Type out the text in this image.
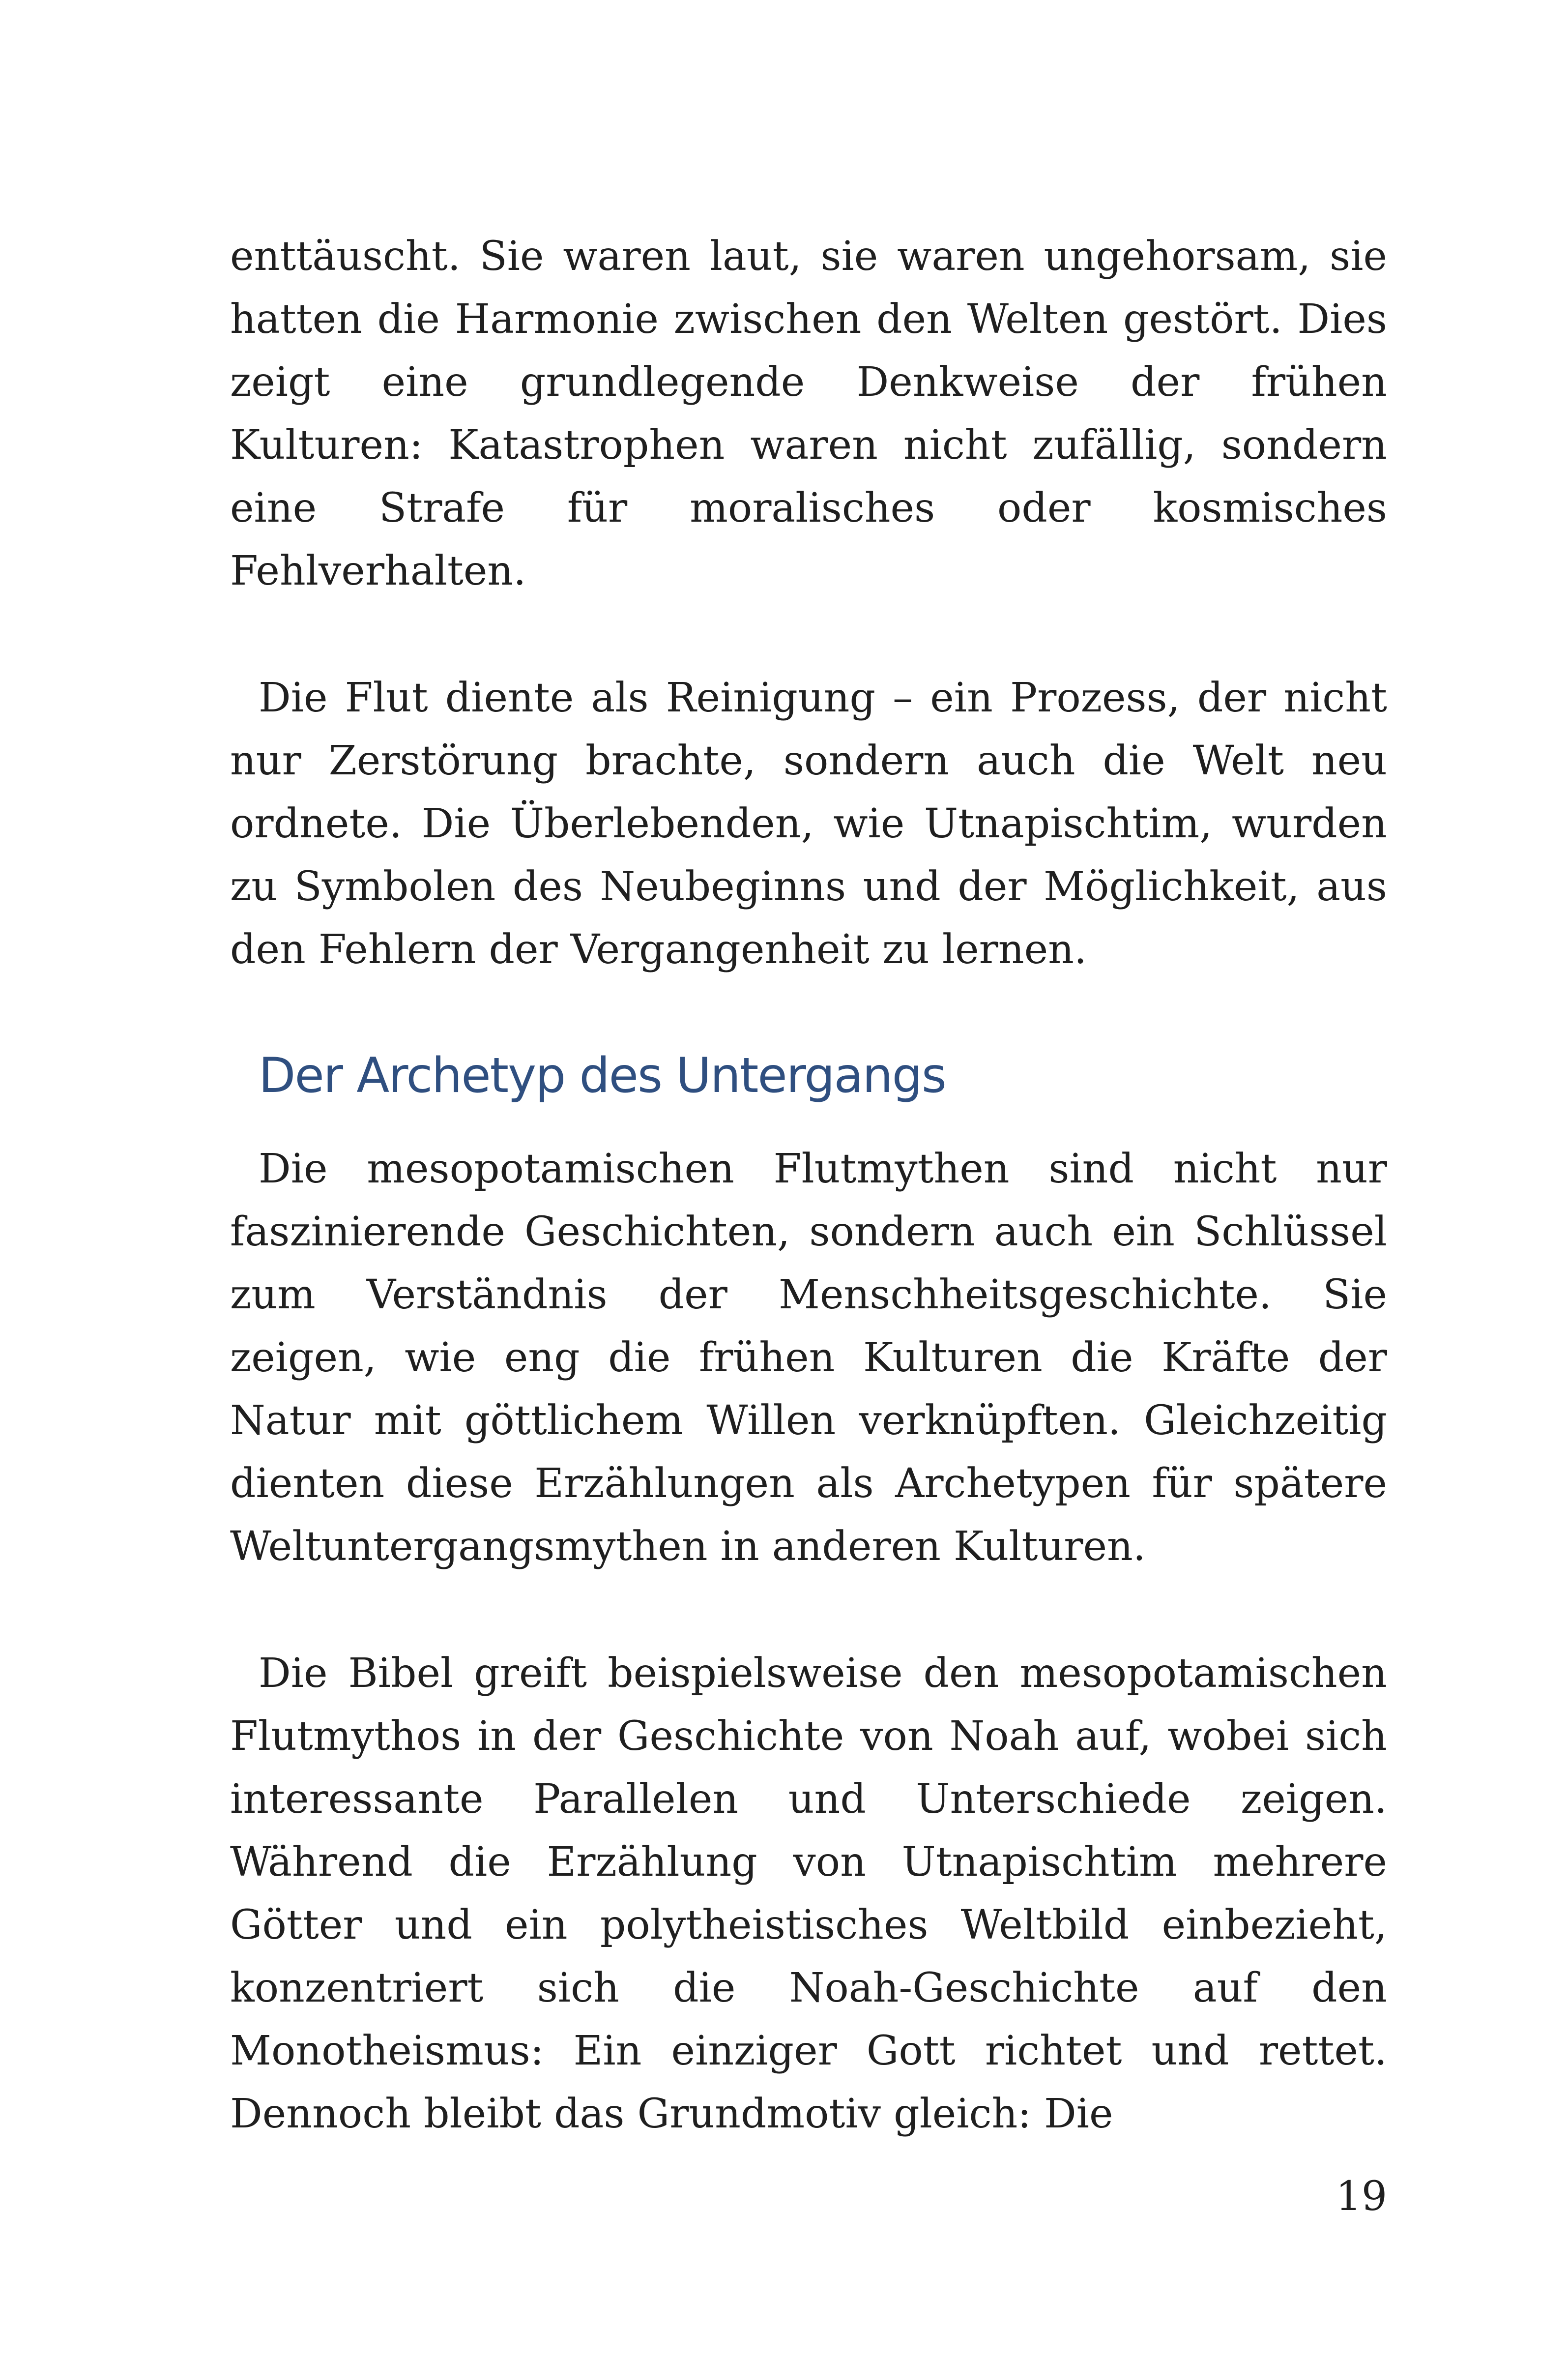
enttäuscht. Sie waren laut, sie waren ungehorsam, sie hatten die Harmonie zwischen den Welten gestört. Dies zeigt eine grundlegende Denkweise der frühen Kulturen: Katastrophen waren nicht zufällig, sondern eine Strafe für moralisches oder kosmisches Fehlverhalten.

Die Flut diente als Reinigung – ein Prozess, der nicht nur Zerstörung brachte, sondern auch die Welt neu ordnete. Die Überlebenden, wie Utnapischtim, wurden zu Symbolen des Neubeginns und der Möglichkeit, aus den Fehlern der Vergangenheit zu lernen.

Der Archetyp des Untergangs

Die mesopotamischen Flutmythen sind nicht nur faszinierende Geschichten, sondern auch ein Schlüssel zum Verständnis der Menschheitsgeschichte. Sie zeigen, wie eng die frühen Kulturen die Kräfte der Natur mit göttlichem Willen verknüpften. Gleichzeitig dienten diese Erzählungen als Archetypen für spätere Weltuntergangsmythen in anderen Kulturen.

Die Bibel greift beispielsweise den mesopotamischen Flutmythos in der Geschichte von Noah auf, wobei sich interessante Parallelen und Unterschiede zeigen. Während die Erzählung von Utnapischtim mehrere Götter und ein polytheistisches Weltbild einbezieht, konzentriert sich die Noah-Geschichte auf den Monotheismus: Ein einziger Gott richtet und rettet. Dennoch bleibt das Grundmotiv gleich: Die

19
